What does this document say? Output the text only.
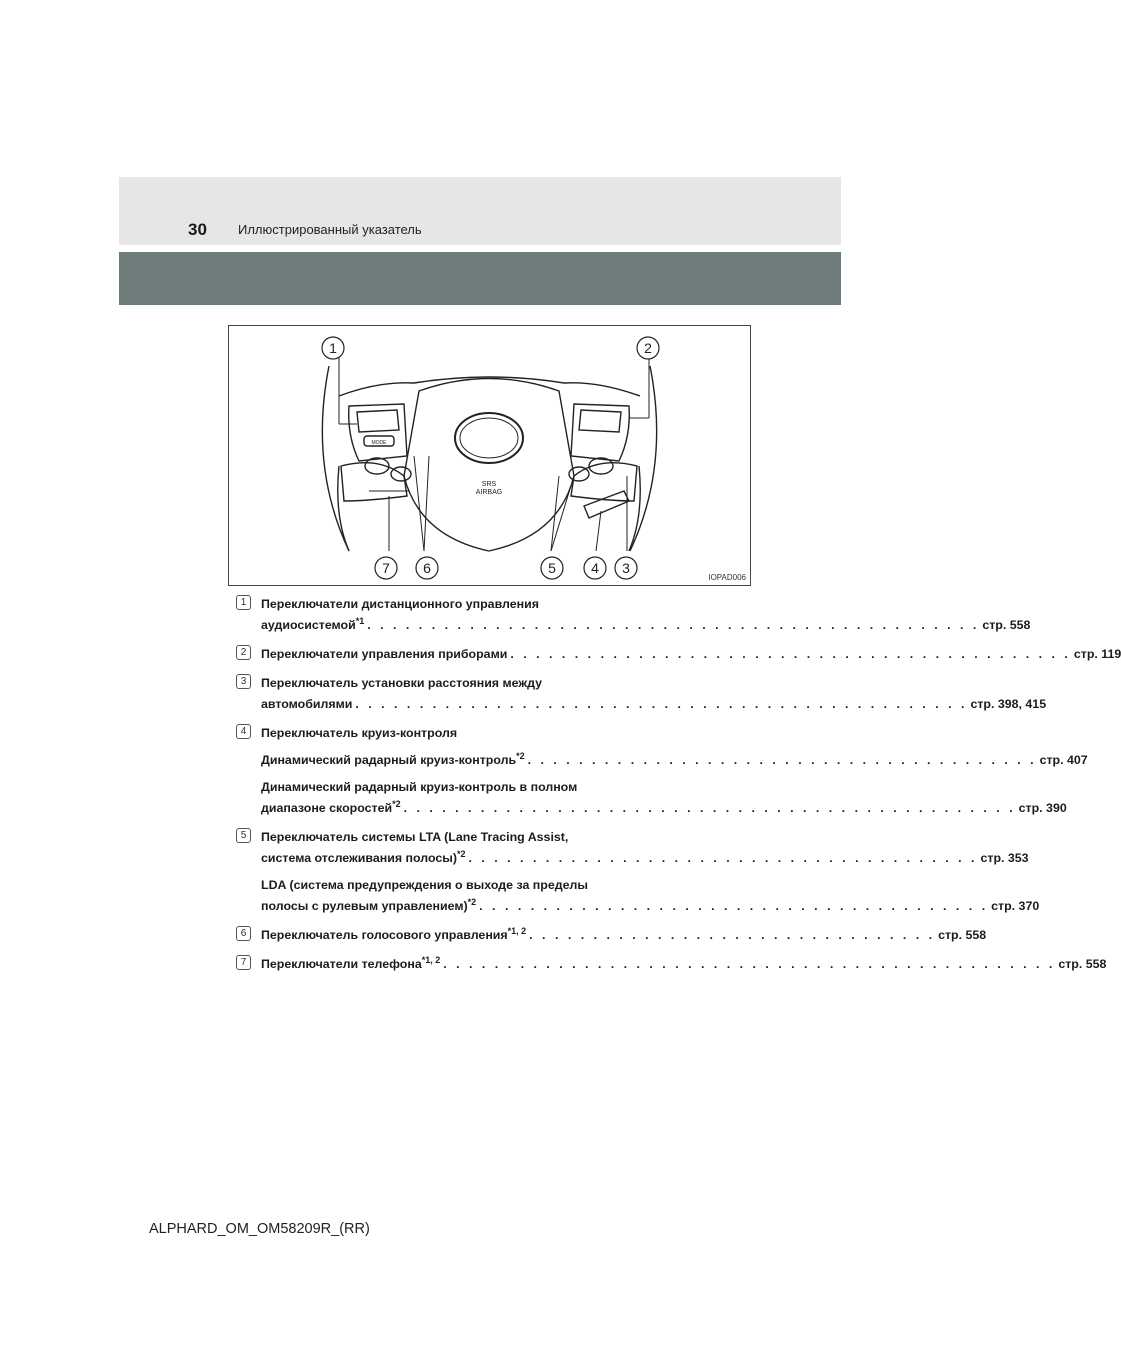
30 Иллюстрированный указатель
1	2
7 6	5	4 3
SRS
AIRBAG
MODE
IOPAD006
1	Переключатели дистанционного управления
аудиосистемой$^{*1}$ . . . . . . . . . . . . . . . . . . . . . . . . . . . . . . . . . . . . . . . . . . . . . . . . стр. 558
2	Переключатели управления приборами . . . . . . . . . . . . . . . . . . . . . . . . . . . . . . . . . . . . . . . . . . . . стр. 119
3	Переключатель установки расстояния между
автомобилями . . . . . . . . . . . . . . . . . . . . . . . . . . . . . . . . . . . . . . . . . . . . . . . . стр. 398, 415
4	Переключатель круиз-контроля
Динамический радарный круиз-контроль$^{*2}$ . . . . . . . . . . . . . . . . . . . . . . . . . . . . . . . . . . . . . . . . стр. 407
Динамический радарный круиз-контроль в полном
диапазоне скоростей$^{*2}$ . . . . . . . . . . . . . . . . . . . . . . . . . . . . . . . . . . . . . . . . . . . . . . . . стр. 390
5	Переключатель системы LTA (Lane Tracing Assist,
система отслеживания полосы)$^{*2}$ . . . . . . . . . . . . . . . . . . . . . . . . . . . . . . . . . . . . . . . . стр. 353
LDA (система предупреждения о выходе за пределы
полосы с рулевым управлением)$^{*2}$ . . . . . . . . . . . . . . . . . . . . . . . . . . . . . . . . . . . . . . . . стр. 370
6	Переключатель голосового управления$^{*1, 2}$ . . . . . . . . . . . . . . . . . . . . . . . . . . . . . . . . стр. 558
7	Переключатели телефона$^{*1, 2}$ . . . . . . . . . . . . . . . . . . . . . . . . . . . . . . . . . . . . . . . . . . . . . . . . стр. 558
ALPHARD_OM_OM58209R_(RR)
